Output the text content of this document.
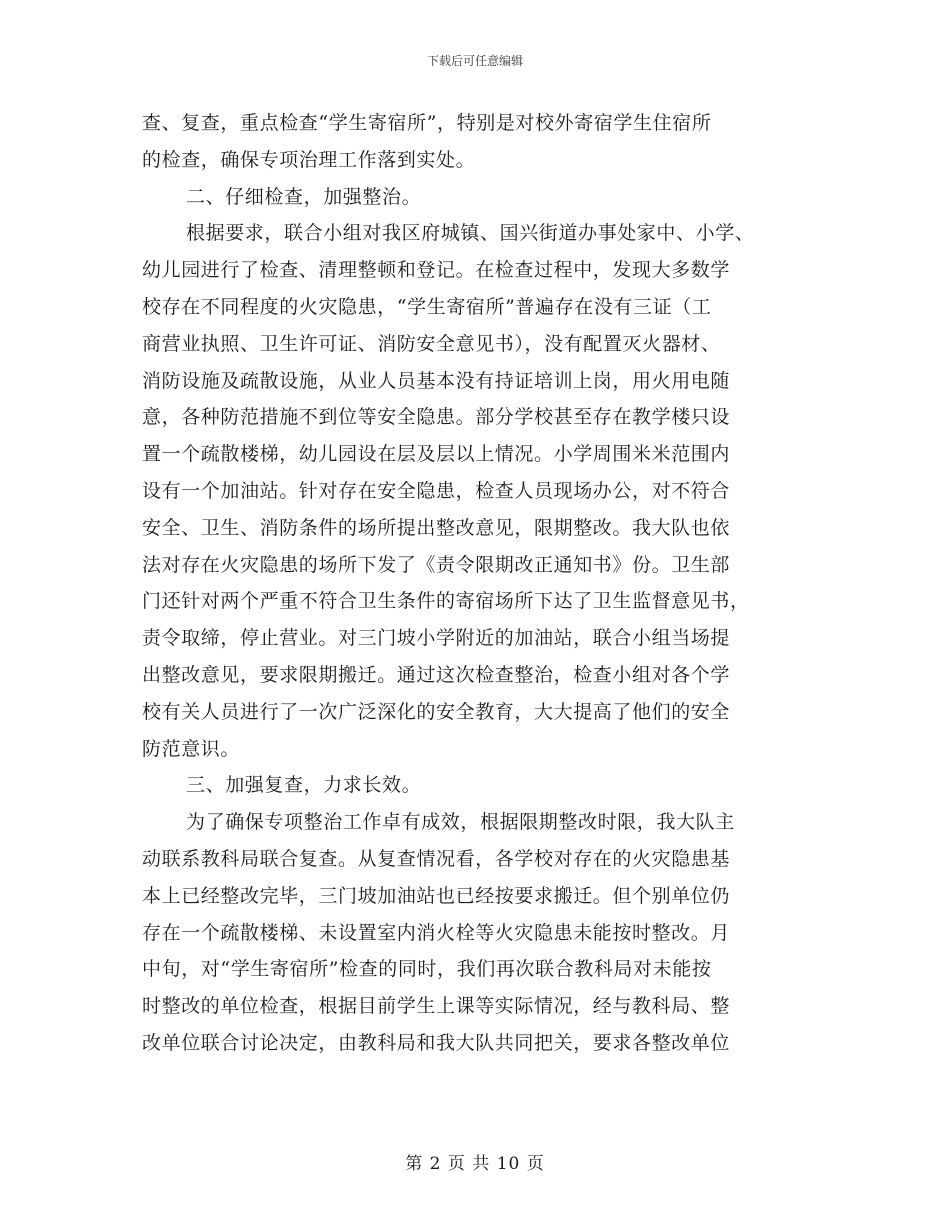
下载后可任意编辑
查、复查，重点检查“学生寄宿所”，特别是对校外寄宿学生住宿所
的检查，确保专项治理工作落到实处。
二、仔细检查，加强整治。
根据要求，联合小组对我区府城镇、国兴街道办事处家中、小学、
幼儿园进行了检查、清理整顿和登记。在检查过程中，发现大多数学
校存在不同程度的火灾隐患，“学生寄宿所”普遍存在没有三证（工
商营业执照、卫生许可证、消防安全意见书），没有配置灭火器材、
消防设施及疏散设施，从业人员基本没有持证培训上岗，用火用电随
意，各种防范措施不到位等安全隐患。部分学校甚至存在教学楼只设
置一个疏散楼梯，幼儿园设在层及层以上情况。小学周围米米范围内
设有一个加油站。针对存在安全隐患，检查人员现场办公，对不符合
安全、卫生、消防条件的场所提出整改意见，限期整改。我大队也依
法对存在火灾隐患的场所下发了《责令限期改正通知书》份。卫生部
门还针对两个严重不符合卫生条件的寄宿场所下达了卫生监督意见书，
责令取缔，停止营业。对三门坡小学附近的加油站，联合小组当场提
出整改意见，要求限期搬迁。通过这次检查整治，检查小组对各个学
校有关人员进行了一次广泛深化的安全教育，大大提高了他们的安全
防范意识。
三、加强复查，力求长效。
为了确保专项整治工作卓有成效，根据限期整改时限，我大队主
动联系教科局联合复查。从复查情况看，各学校对存在的火灾隐患基
本上已经整改完毕，三门坡加油站也已经按要求搬迁。但个别单位仍
存在一个疏散楼梯、未设置室内消火栓等火灾隐患未能按时整改。月
中旬，对“学生寄宿所”检查的同时，我们再次联合教科局对未能按
时整改的单位检查，根据目前学生上课等实际情况，经与教科局、整
改单位联合讨论决定，由教科局和我大队共同把关，要求各整改单位
第 2 页 共 10 页
